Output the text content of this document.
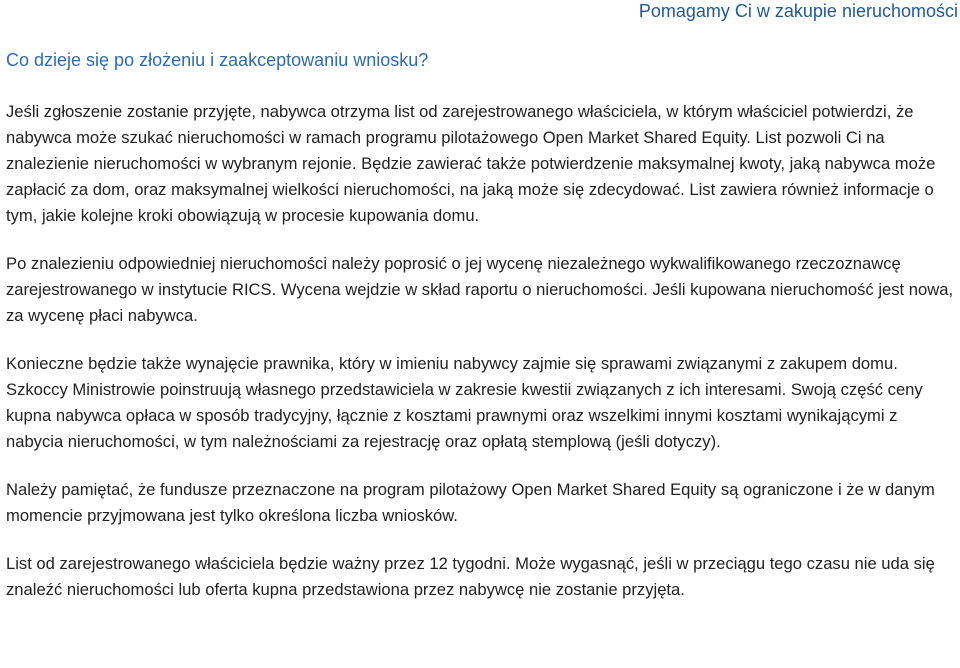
Pomagamy Ci w zakupie nieruchomości
Co dzieje się po złożeniu i zaakceptowaniu wniosku?

Jeśli zgłoszenie zostanie przyjęte, nabywca otrzyma list od zarejestrowanego właściciela, w którym właściciel potwierdzi, że nabywca może szukać nieruchomości w ramach programu pilotażowego Open Market Shared Equity. List pozwoli Ci na znalezienie nieruchomości w wybranym rejonie. Będzie zawierać także potwierdzenie maksymalnej kwoty, jaką nabywca może zapłacić za dom, oraz maksymalnej wielkości nieruchomości, na jaką może się zdecydować. List zawiera również informacje o tym, jakie kolejne kroki obowiązują w procesie kupowania domu.

Po znalezieniu odpowiedniej nieruchomości należy poprosić o jej wycenę niezależnego wykwalifikowanego rzeczoznawcę zarejestrowanego w instytucie RICS. Wycena wejdzie w skład raportu o nieruchomości. Jeśli kupowana nieruchomość jest nowa, za wycenę płaci nabywca.

Konieczne będzie także wynajęcie prawnika, który w imieniu nabywcy zajmie się sprawami związanymi z zakupem domu. Szkoccy Ministrowie poinstruują własnego przedstawiciela w zakresie kwestii związanych z ich interesami. Swoją część ceny kupna nabywca opłaca w sposób tradycyjny, łącznie z kosztami prawnymi oraz wszelkimi innymi kosztami wynikającymi z nabycia nieruchomości, w tym należnościami za rejestrację oraz opłatą stemplową (jeśli dotyczy).

Należy pamiętać, że fundusze przeznaczone na program pilotażowy Open Market Shared Equity są ograniczone i że w danym momencie przyjmowana jest tylko określona liczba wniosków.

List od zarejestrowanego właściciela będzie ważny przez 12 tygodni. Może wygasnąć, jeśli w przeciągu tego czasu nie uda się znaleźć nieruchomości lub oferta kupna przedstawiona przez nabywcę nie zostanie przyjęta.
